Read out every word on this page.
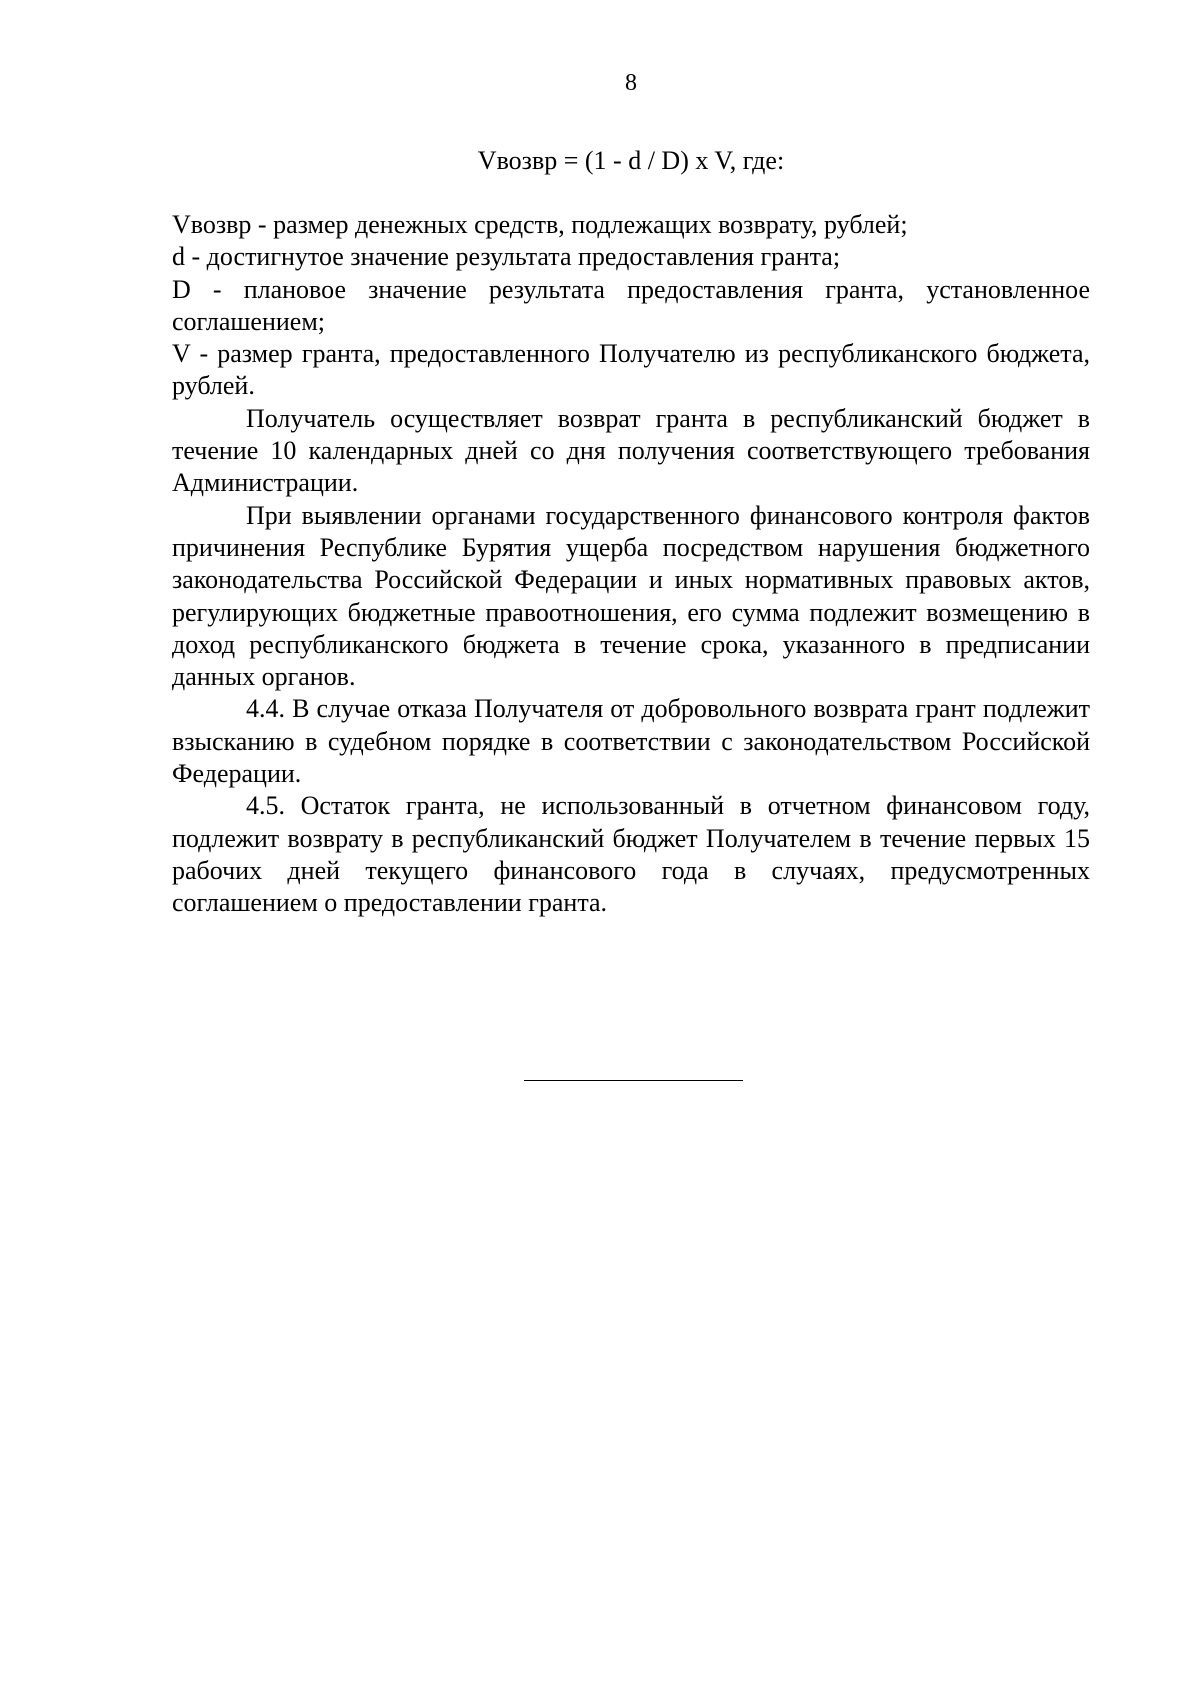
8
Vвозвр = (1 - d / D) x V, где:

Vвозвр - размер денежных средств, подлежащих возврату, рублей;

d - достигнутое значение результата предоставления гранта;

D - плановое значение результата предоставления гранта, установленное соглашением;

V - размер гранта, предоставленного Получателю из республиканского бюджета, рублей.

Получатель осуществляет возврат гранта в республиканский бюджет в течение 10 календарных дней со дня получения соответствующего требования Администрации.

При выявлении органами государственного финансового контроля фактов причинения Республике Бурятия ущерба посредством нарушения бюджетного законодательства Российской Федерации и иных нормативных правовых актов, регулирующих бюджетные правоотношения, его сумма подлежит возмещению в доход республиканского бюджета в течение срока, указанного в предписании данных органов.

4.4. В случае отказа Получателя от добровольного возврата грант подлежит взысканию в судебном порядке в соответствии с законодательством Российской Федерации.

4.5. Остаток гранта, не использованный в отчетном финансовом году, подлежит возврату в республиканский бюджет Получателем в течение первых 15 рабочих дней текущего финансового года в случаях, предусмотренных соглашением о предоставлении гранта.
